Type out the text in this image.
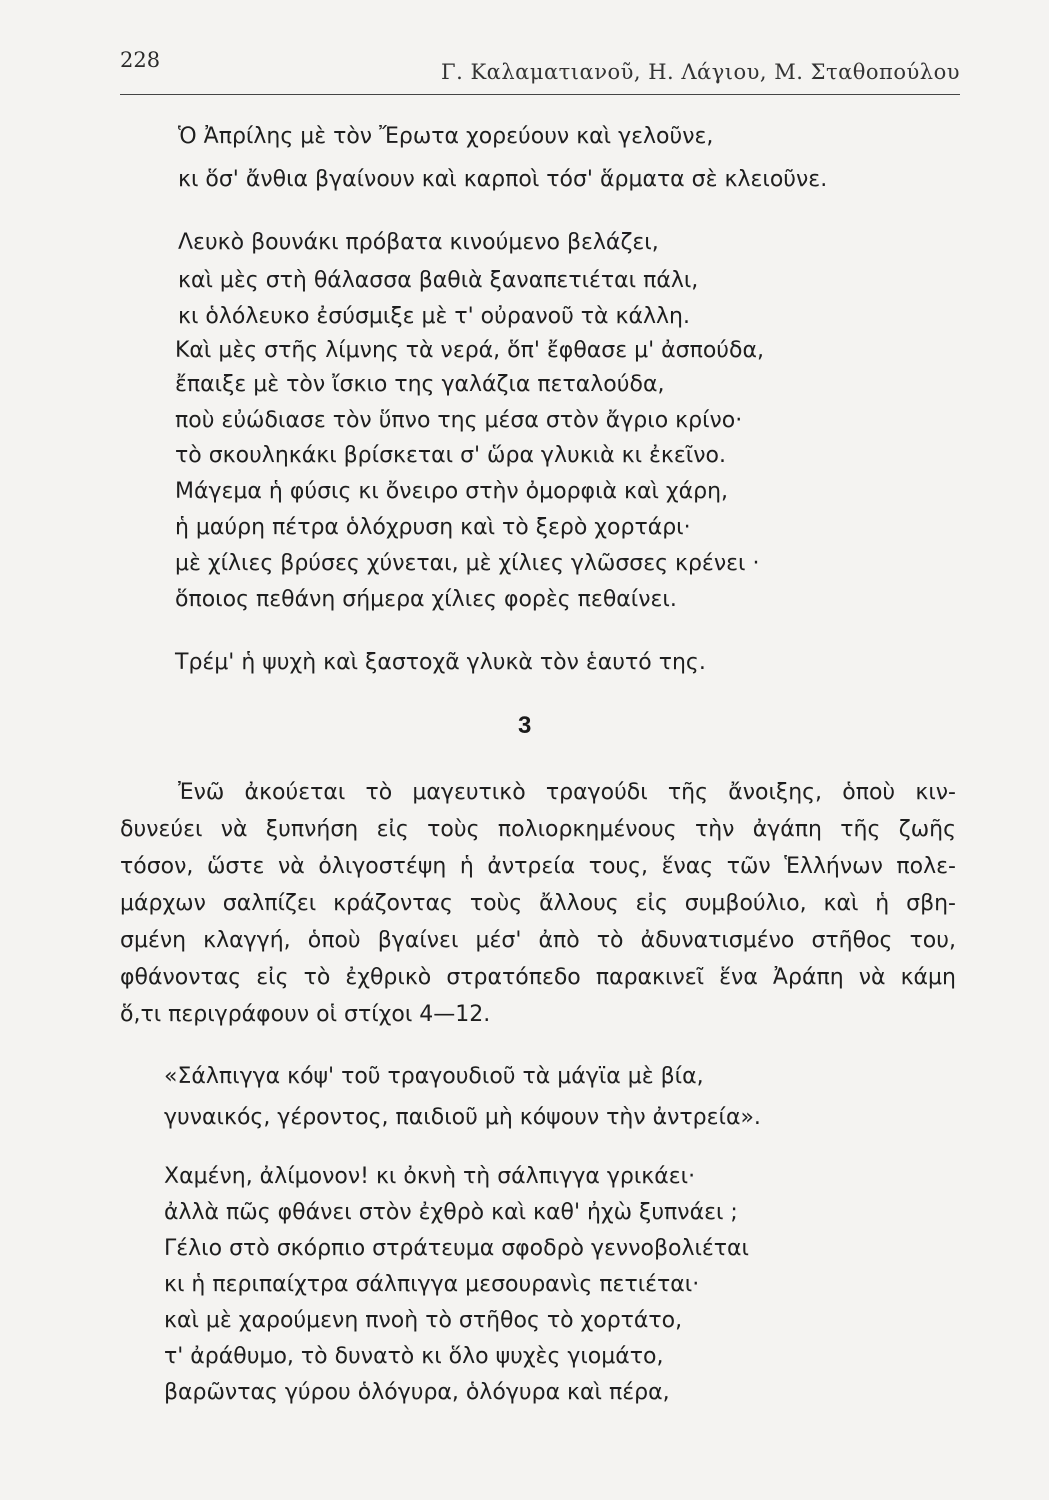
228	Γ. Καλαματιανοῦ, Η. Λάγιου, Μ. Σταθοπούλου
Ὁ Ἀπρίλης μὲ τὸν Ἔρωτα χορεύουν καὶ γελοῦνε,
κι ὅσ' ἄνθια βγαίνουν καὶ καρποὶ τόσ' ἅρματα σὲ κλειοῦνε.
Λευκὸ βουνάκι πρόβατα κινούμενο βελάζει,
καὶ μὲς στὴ θάλασσα βαθιὰ ξαναπετιέται πάλι,
κι ὁλόλευκο ἐσύσμιξε μὲ τ' οὐρανοῦ τὰ κάλλη.
Καὶ μὲς στῆς λίμνης τὰ νερά, ὅπ' ἔφθασε μ' ἀσπούδα,
ἔπαιξε μὲ τὸν ἴσκιο της γαλάζια πεταλούδα,
ποὺ εὐώδιασε τὸν ὕπνο της μέσα στὸν ἄγριο κρίνο·
τὸ σκουληκάκι βρίσκεται σ' ὥρα γλυκιὰ κι ἐκεῖνο.
Μάγεμα ἡ φύσις κι ὄνειρο στὴν ὀμορφιὰ καὶ χάρη,
ἡ μαύρη πέτρα ὁλόχρυση καὶ τὸ ξερὸ χορτάρι·
μὲ χίλιες βρύσες χύνεται, μὲ χίλιες γλῶσσες κρένει ·
ὅποιος πεθάνη σήμερα χίλιες φορὲς πεθαίνει.
Τρέμ' ἡ ψυχὴ καὶ ξαστοχᾶ γλυκὰ τὸν ἑαυτό της.
3
Ἐνῶ ἀκούεται τὸ μαγευτικὸ τραγούδι τῆς ἄνοιξης, ὁποὺ κιν-
δυνεύει νὰ ξυπνήση εἰς τοὺς πολιορκημένους τὴν ἀγάπη τῆς ζωῆς
τόσον, ὥστε νὰ ὀλιγοστέψη ἡ ἀντρεία τους, ἕνας τῶν Ἑλλήνων πολε-
μάρχων σαλπίζει κράζοντας τοὺς ἄλλους εἰς συμβούλιο, καὶ ἡ σβη-
σμένη κλαγγή, ὁποὺ βγαίνει μέσ' ἀπὸ τὸ ἀδυνατισμένο στῆθος του,
φθάνοντας εἰς τὸ ἐχθρικὸ στρατόπεδο παρακινεῖ ἕνα Ἀράπη νὰ κάμη
ὅ,τι περιγράφουν οἱ στίχοι 4—12.
«Σάλπιγγα κόψ' τοῦ τραγουδιοῦ τὰ μάγϊα μὲ βία,
γυναικός, γέροντος, παιδιοῦ μὴ κόψουν τὴν ἀντρεία».
Χαμένη, ἀλίμονον! κι ὀκνὴ τὴ σάλπιγγα γρικάει·
ἀλλὰ πῶς φθάνει στὸν ἐχθρὸ καὶ καθ' ἠχὼ ξυπνάει ;
Γέλιο στὸ σκόρπιο στράτευμα σφοδρὸ γεννοβολιέται
κι ἡ περιπαίχτρα σάλπιγγα μεσουρανὶς πετιέται·
καὶ μὲ χαρούμενη πνοὴ τὸ στῆθος τὸ χορτάτο,
τ' ἀράθυμο, τὸ δυνατὸ κι ὅλο ψυχὲς γιομάτο,
βαρῶντας γύρου ὁλόγυρα, ὁλόγυρα καὶ πέρα,
